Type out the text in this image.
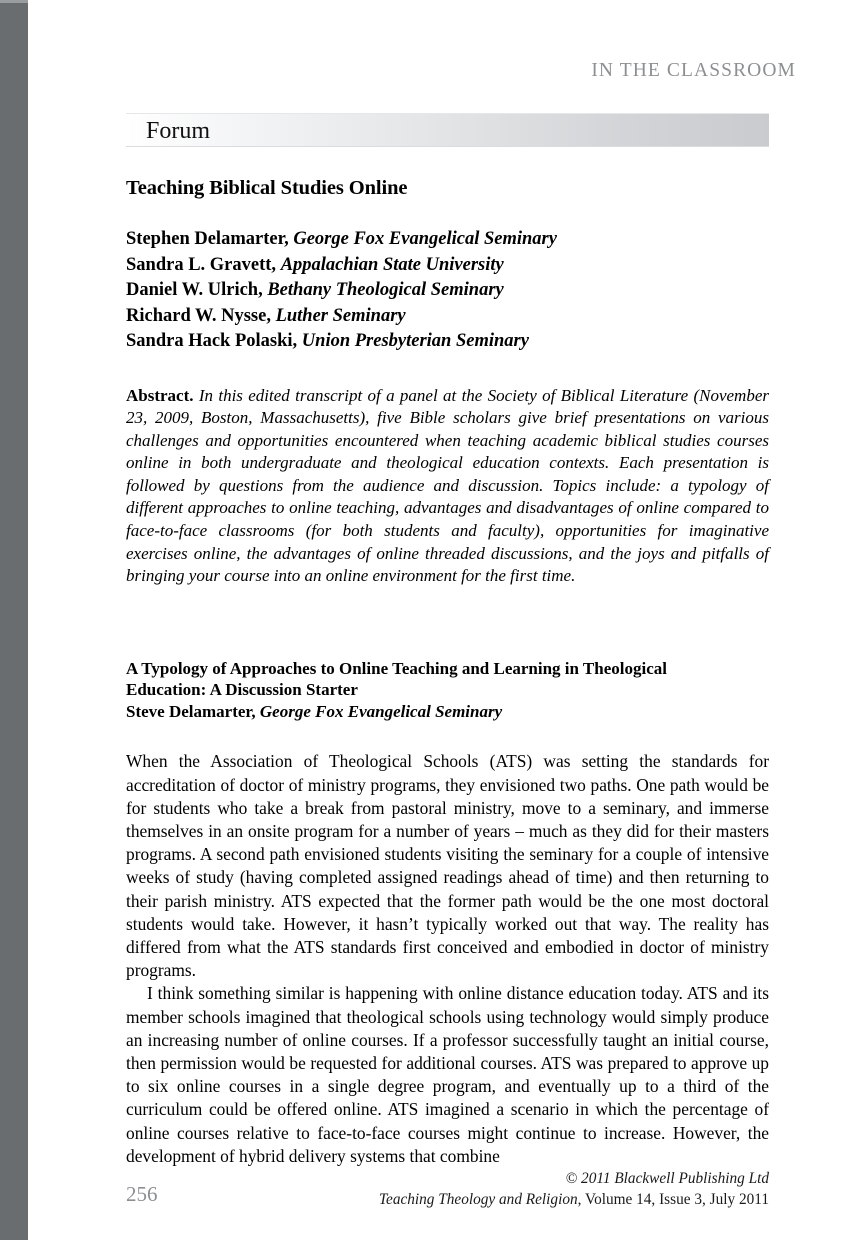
IN THE CLASSROOM
Forum
Teaching Biblical Studies Online
Stephen Delamarter, George Fox Evangelical Seminary
Sandra L. Gravett, Appalachian State University
Daniel W. Ulrich, Bethany Theological Seminary
Richard W. Nysse, Luther Seminary
Sandra Hack Polaski, Union Presbyterian Seminary

Abstract. In this edited transcript of a panel at the Society of Biblical Literature (November 23, 2009, Boston, Massachusetts), five Bible scholars give brief presentations on various challenges and opportunities encountered when teaching academic biblical studies courses online in both undergraduate and theological education contexts. Each presentation is followed by questions from the audience and discussion. Topics include: a typology of different approaches to online teaching, advantages and disadvantages of online compared to face-to-face classrooms (for both students and faculty), opportunities for imaginative exercises online, the advantages of online threaded discussions, and the joys and pitfalls of bringing your course into an online environment for the first time.

A Typology of Approaches to Online Teaching and Learning in Theological
Education: A Discussion Starter
Steve Delamarter, George Fox Evangelical Seminary

When the Association of Theological Schools (ATS) was setting the standards for accreditation of doctor of ministry programs, they envisioned two paths. One path would be for students who take a break from pastoral ministry, move to a seminary, and immerse themselves in an onsite program for a number of years – much as they did for their masters programs. A second path envisioned students visiting the seminary for a couple of intensive weeks of study (having completed assigned readings ahead of time) and then returning to their parish ministry. ATS expected that the former path would be the one most doctoral students would take. However, it hasn’t typically worked out that way. The reality has differed from what the ATS standards first conceived and embodied in doctor of ministry programs.

I think something similar is happening with online distance education today. ATS and its member schools imagined that theological schools using technology would simply produce an increasing number of online courses. If a professor successfully taught an initial course, then permission would be requested for additional courses. ATS was prepared to approve up to six online courses in a single degree program, and eventually up to a third of the curriculum could be offered online. ATS imagined a scenario in which the percentage of online courses relative to face-to-face courses might continue to increase. However, the development of hybrid delivery systems that combine

256
© 2011 Blackwell Publishing Ltd
Teaching Theology and Religion, Volume 14, Issue 3, July 2011
